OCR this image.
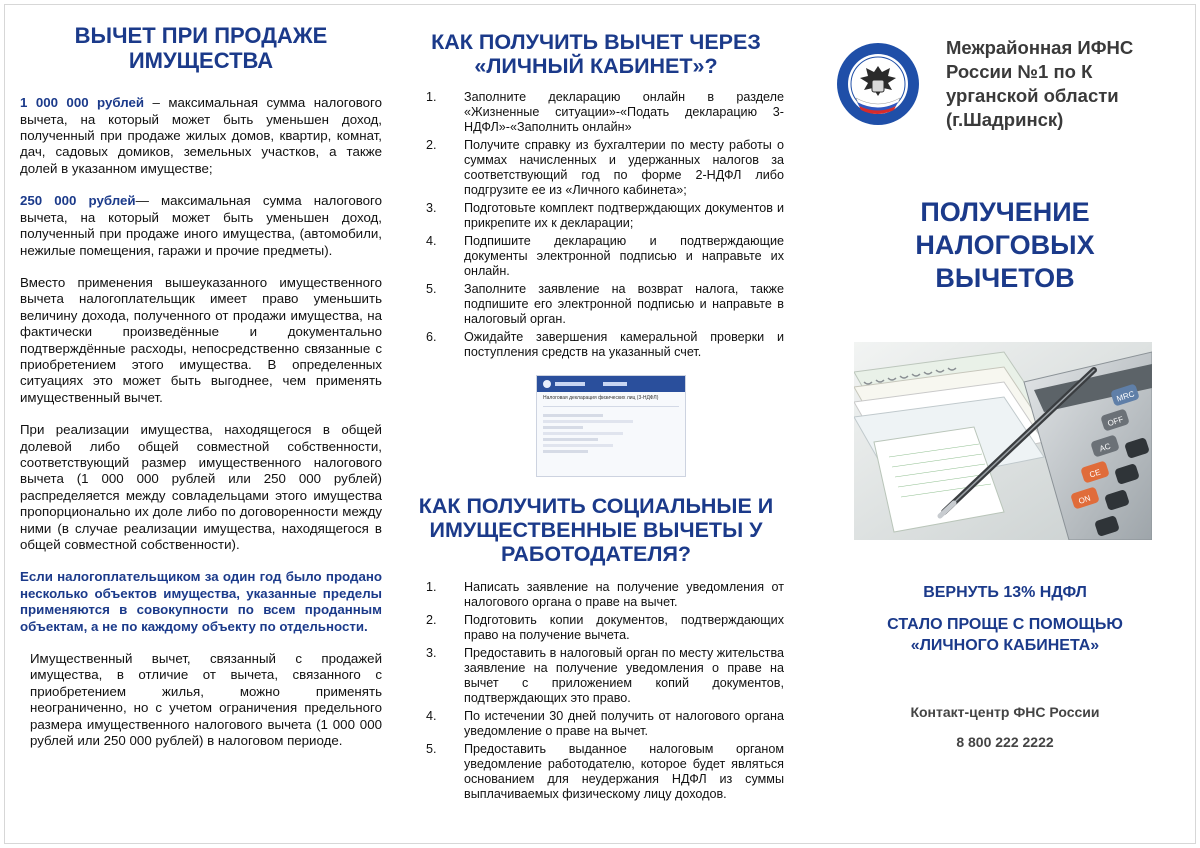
ВЫЧЕТ ПРИ ПРОДАЖЕ ИМУЩЕСТВА

1 000 000 рублей – максимальная сумма налогового вычета, на который может быть уменьшен доход, полученный при продаже жилых домов, квартир, комнат, дач, садовых домиков, земельных участков, а также долей в указанном имуществе;

250 000 рублей— максимальная сумма налогового вычета, на который может быть уменьшен доход, полученный при продаже иного имущества, (автомобили, нежилые помещения, гаражи и прочие предметы).

Вместо применения вышеуказанного имущественного вычета налогоплательщик имеет право уменьшить величину дохода, полученного от продажи имущества, на фактически произведённые и документально подтверждённые расходы, непосредственно связанные с приобретением этого имущества. В определенных ситуациях это может быть выгоднее, чем применять имущественный вычет.

При реализации имущества, находящегося в общей долевой либо общей совместной собственности, соответствующий размер имущественного налогового вычета (1 000 000 рублей или 250 000 рублей) распределяется между совладельцами этого имущества пропорционально их доле либо по договоренности между ними (в случае реализации имущества, находящегося в общей совместной собственности).

Если налогоплательщиком за один год было продано несколько объектов имущества, указанные пределы применяются в совокупности по всем проданным объектам, а не по каждому объекту по отдельности.

Имущественный вычет, связанный с продажей имущества, в отличие от вычета, связанного с приобретением жилья, можно применять неограниченно, но с учетом ограничения предельного размера имущественного налогового вычета (1 000 000 рублей или 250 000 рублей) в налоговом периоде.

КАК ПОЛУЧИТЬ ВЫЧЕТ ЧЕРЕЗ «ЛИЧНЫЙ КАБИНЕТ»?
1. Заполните декларацию онлайн в разделе «Жизненные ситуации»-«Подать декларацию 3-НДФЛ»-«Заполнить онлайн»
2. Получите справку из бухгалтерии по месту работы о суммах начисленных и удержанных налогов за соответствующий год по форме 2-НДФЛ либо подгрузите ее из «Личного кабинета»;
3. Подготовьте комплект подтверждающих документов и прикрепите их к декларации;
4. Подпишите декларацию и подтверждающие документы электронной подписью и направьте их онлайн.
5. Заполните заявление на возврат налога, также подпишите его электронной подписью и направьте в налоговый орган.
6. Ожидайте завершения камеральной проверки и поступления средств на указанный счет.
Налоговая декларация физических лиц (3-НДФЛ)
КАК ПОЛУЧИТЬ СОЦИАЛЬНЫЕ И ИМУЩЕСТВЕННЫЕ ВЫЧЕТЫ У РАБОТОДАТЕЛЯ?
1. Написать заявление на получение уведомления от налогового органа о праве на вычет.
2. Подготовить копии документов, подтверждающих право на получение вычета.
3. Предоставить в налоговый орган по месту жительства заявление на получение уведомления о праве на вычет с приложением копий документов, подтверждающих это право.
4. По истечении 30 дней получить от налогового органа уведомление о праве на вычет.
5. Предоставить выданное налоговым органом уведомление работодателю, которое будет являться основанием для неудержания НДФЛ из суммы выплачиваемых физическому лицу доходов.
Межрайонная ИФНС
России №1 по К
урганской области
(г.Шадринск)
ПОЛУЧЕНИЕ
НАЛОГОВЫХ
ВЫЧЕТОВ
MRC
OFF
AC
CE
ON
ВЕРНУТЬ 13% НДФЛ
СТАЛО ПРОЩЕ С ПОМОЩЬЮ
«ЛИЧНОГО КАБИНЕТА»
Контакт-центр ФНС России
8 800 222 2222
